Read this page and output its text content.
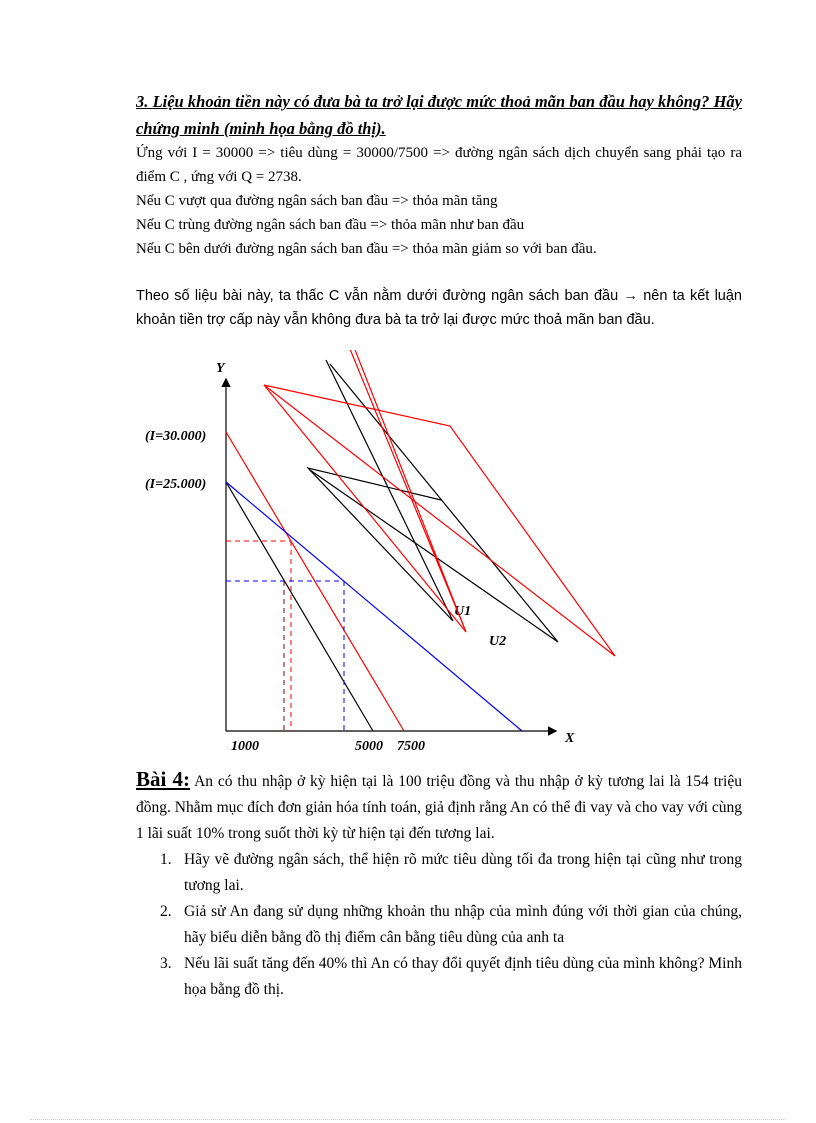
3. Liệu khoản tiền này có đưa bà ta trở lại được mức thoả mãn ban đầu hay không? Hãy chứng minh (minh họa bằng đồ thị).
Ứng với I = 30000 => tiêu dùng = 30000/7500 => đường ngân sách dịch chuyển sang phải tạo ra điểm C , ứng với Q = 2738.
Nếu C vượt qua đường ngân sách ban đầu => thỏa mãn tăng
Nếu C trùng đường ngân sách ban đầu => thỏa mãn như ban đầu
Nếu C bên dưới đường ngân sách ban đầu => thỏa mãn giảm so với ban đầu.
Theo số liệu bài này, ta thấc C vẫn nằm dưới đường ngân sách ban đầu → nên ta kết luận khoản tiền trợ cấp này vẫn không đưa bà ta trở lại được mức thoả mãn ban đầu.
Y
X
(I=30.000)
(I=25.000)
1000	5000 7500
U1
U2
Bài 4: An có thu nhập ở kỳ hiện tại là 100 triệu đồng và thu nhập ở kỳ tương lai là 154 triệu đồng. Nhằm mục đích đơn giản hóa tính toán, giả định rằng An có thể đi vay và cho vay với cùng 1 lãi suất 10% trong suốt thời kỳ từ hiện tại đến tương lai.
1. Hãy vẽ đường ngân sách, thể hiện rõ mức tiêu dùng tối đa trong hiện tại cũng như trong tương lai.
2. Giả sử An đang sử dụng những khoản thu nhập của mình đúng với thời gian của chúng, hãy biểu diễn bằng đồ thị điểm cân bằng tiêu dùng của anh ta
3. Nếu lãi suất tăng đến 40% thì An có thay đổi quyết định tiêu dùng của mình không? Minh họa bằng đồ thị.
